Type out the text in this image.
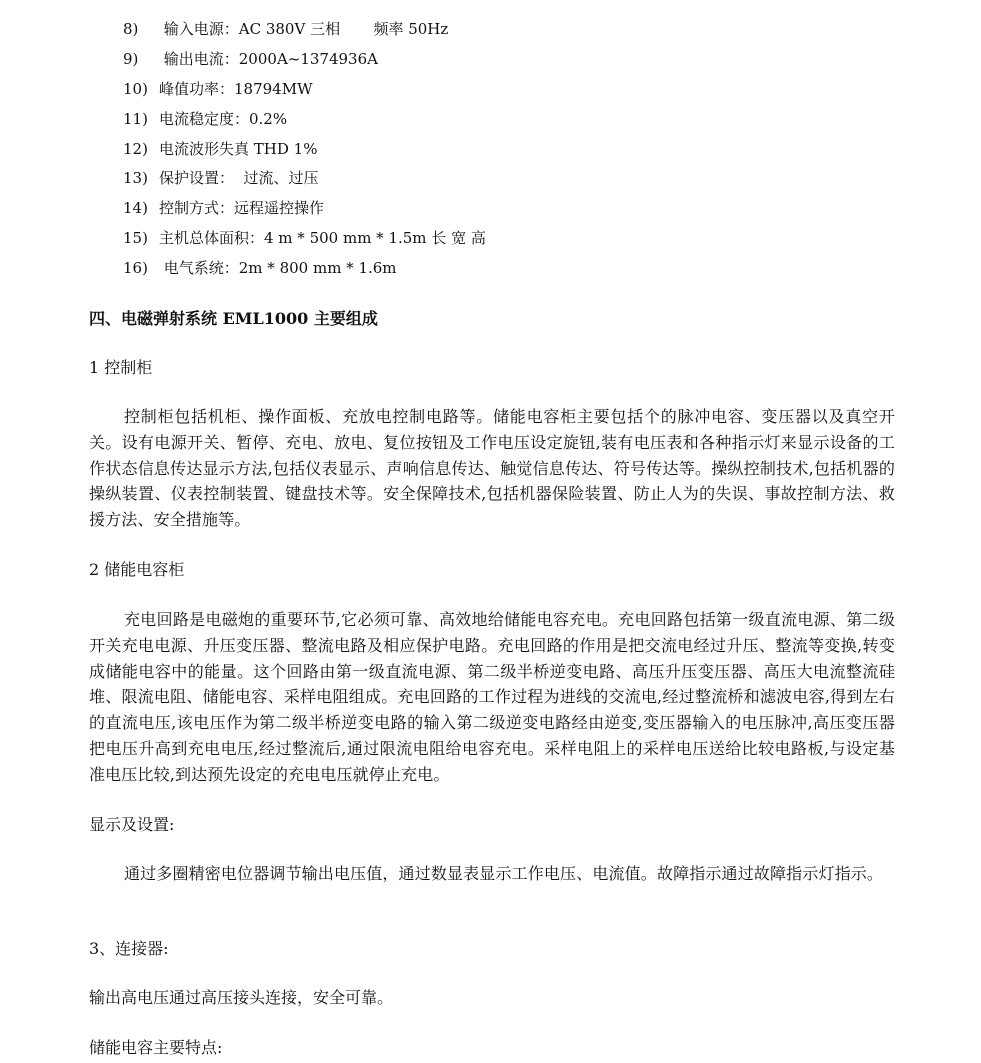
8) 输入电源：AC 380V 三相       频率 50Hz
9) 输出电流：2000A~1374936A
10) 峰值功率：18794MW
11) 电流稳定度：0.2%
12) 电流波形失真 THD 1%
13) 保护设置：  过流、过压
14) 控制方式：远程遥控操作
15) 主机总体面积：4 m * 500 mm * 1.5m 长 宽 高
16) 电气系统：2m * 800 mm * 1.6m
四、电磁弹射系统 EML1000 主要组成
1 控制柜
控制柜包括机柜、操作面板、充放电控制电路等。储能电容柜主要包括个的脉冲电容、变压器以及真空开关。设有电源开关、暂停、充电、放电、复位按钮及工作电压设定旋钮,装有电压表和各种指示灯来显示设备的工作状态信息传达显示方法,包括仪表显示、声响信息传达、触觉信息传达、符号传达等。操纵控制技术,包括机器的操纵装置、仪表控制装置、键盘技术等。安全保障技术,包括机器保险装置、防止人为的失误、事故控制方法、救援方法、安全措施等。
2 储能电容柜
充电回路是电磁炮的重要环节,它必须可靠、高效地给储能电容充电。充电回路包括第一级直流电源、第二级开关充电电源、升压变压器、整流电路及相应保护电路。充电回路的作用是把交流电经过升压、整流等变换,转变成储能电容中的能量。这个回路由第一级直流电源、第二级半桥逆变电路、高压升压变压器、高压大电流整流硅堆、限流电阻、储能电容、采样电阻组成。充电回路的工作过程为进线的交流电,经过整流桥和滤波电容,得到左右的直流电压,该电压作为第二级半桥逆变电路的输入第二级逆变电路经由逆变,变压器输入的电压脉冲,高压变压器把电压升高到充电电压,经过整流后,通过限流电阻给电容充电。采样电阻上的采样电压送给比较电路板,与设定基准电压比较,到达预先设定的充电电压就停止充电。
显示及设置:
通过多圈精密电位器调节输出电压值，通过数显表显示工作电压、电流值。故障指示通过故障指示灯指示。
3、连接器:
输出高电压通过高压接头连接，安全可靠。
储能电容主要特点:
